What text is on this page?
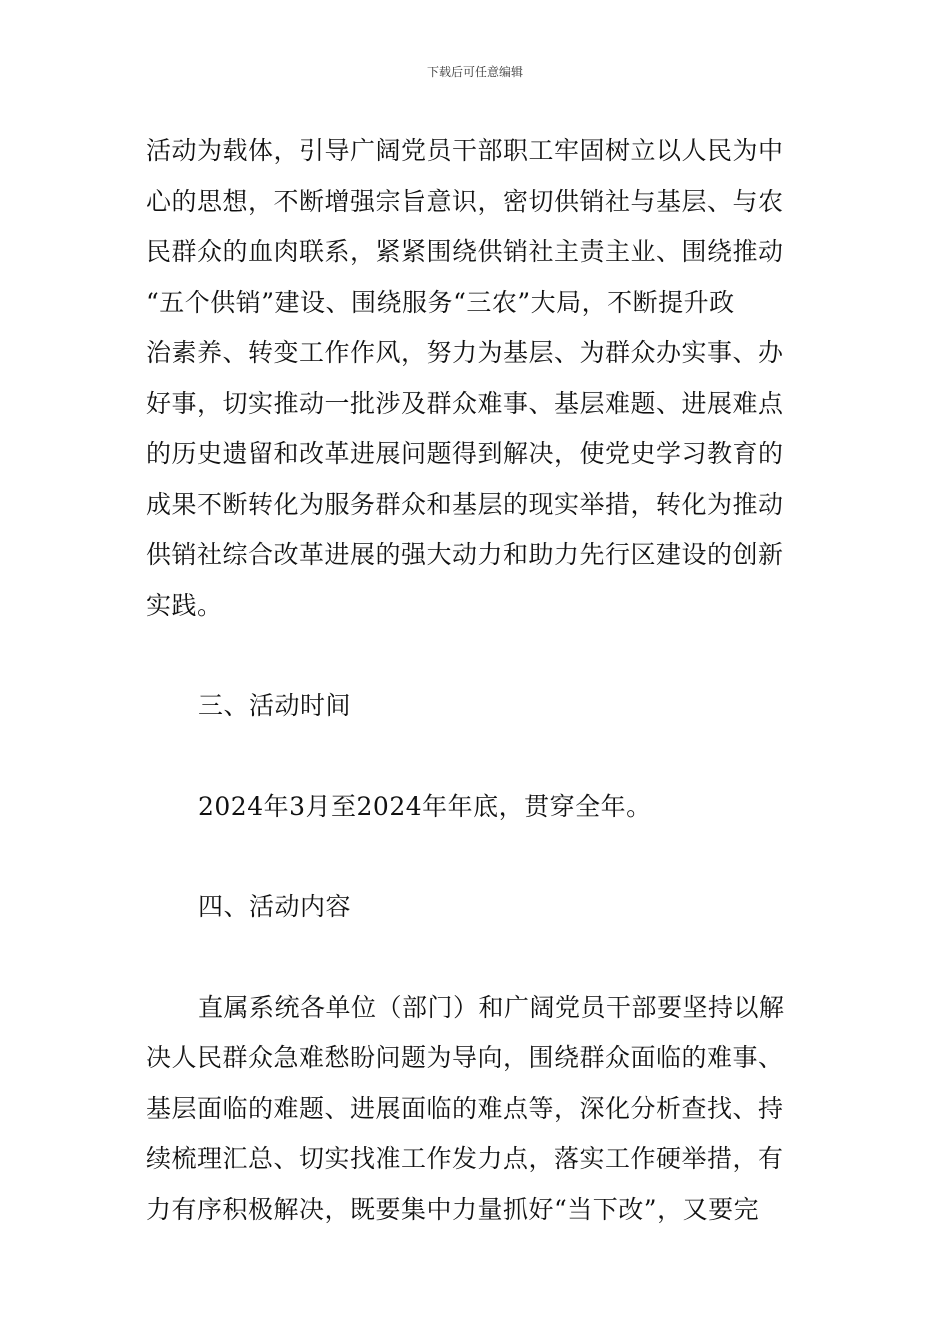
下载后可任意编辑
活动为载体，引导广阔党员干部职工牢固树立以人民为中
心的思想，不断增强宗旨意识，密切供销社与基层、与农
民群众的血肉联系，紧紧围绕供销社主责主业、围绕推动
“五个供销”建设、围绕服务“三农”大局，不断提升政
治素养、转变工作作风，努力为基层、为群众办实事、办
好事，切实推动一批涉及群众难事、基层难题、进展难点
的历史遗留和改革进展问题得到解决，使党史学习教育的
成果不断转化为服务群众和基层的现实举措，转化为推动
供销社综合改革进展的强大动力和助力先行区建设的创新
实践。

三、活动时间

2024年3月至2024年年底，贯穿全年。

四、活动内容

直属系统各单位（部门）和广阔党员干部要坚持以解
决人民群众急难愁盼问题为导向，围绕群众面临的难事、
基层面临的难题、进展面临的难点等，深化分析查找、持
续梳理汇总、切实找准工作发力点，落实工作硬举措，有
力有序积极解决，既要集中力量抓好“当下改”，又要完
